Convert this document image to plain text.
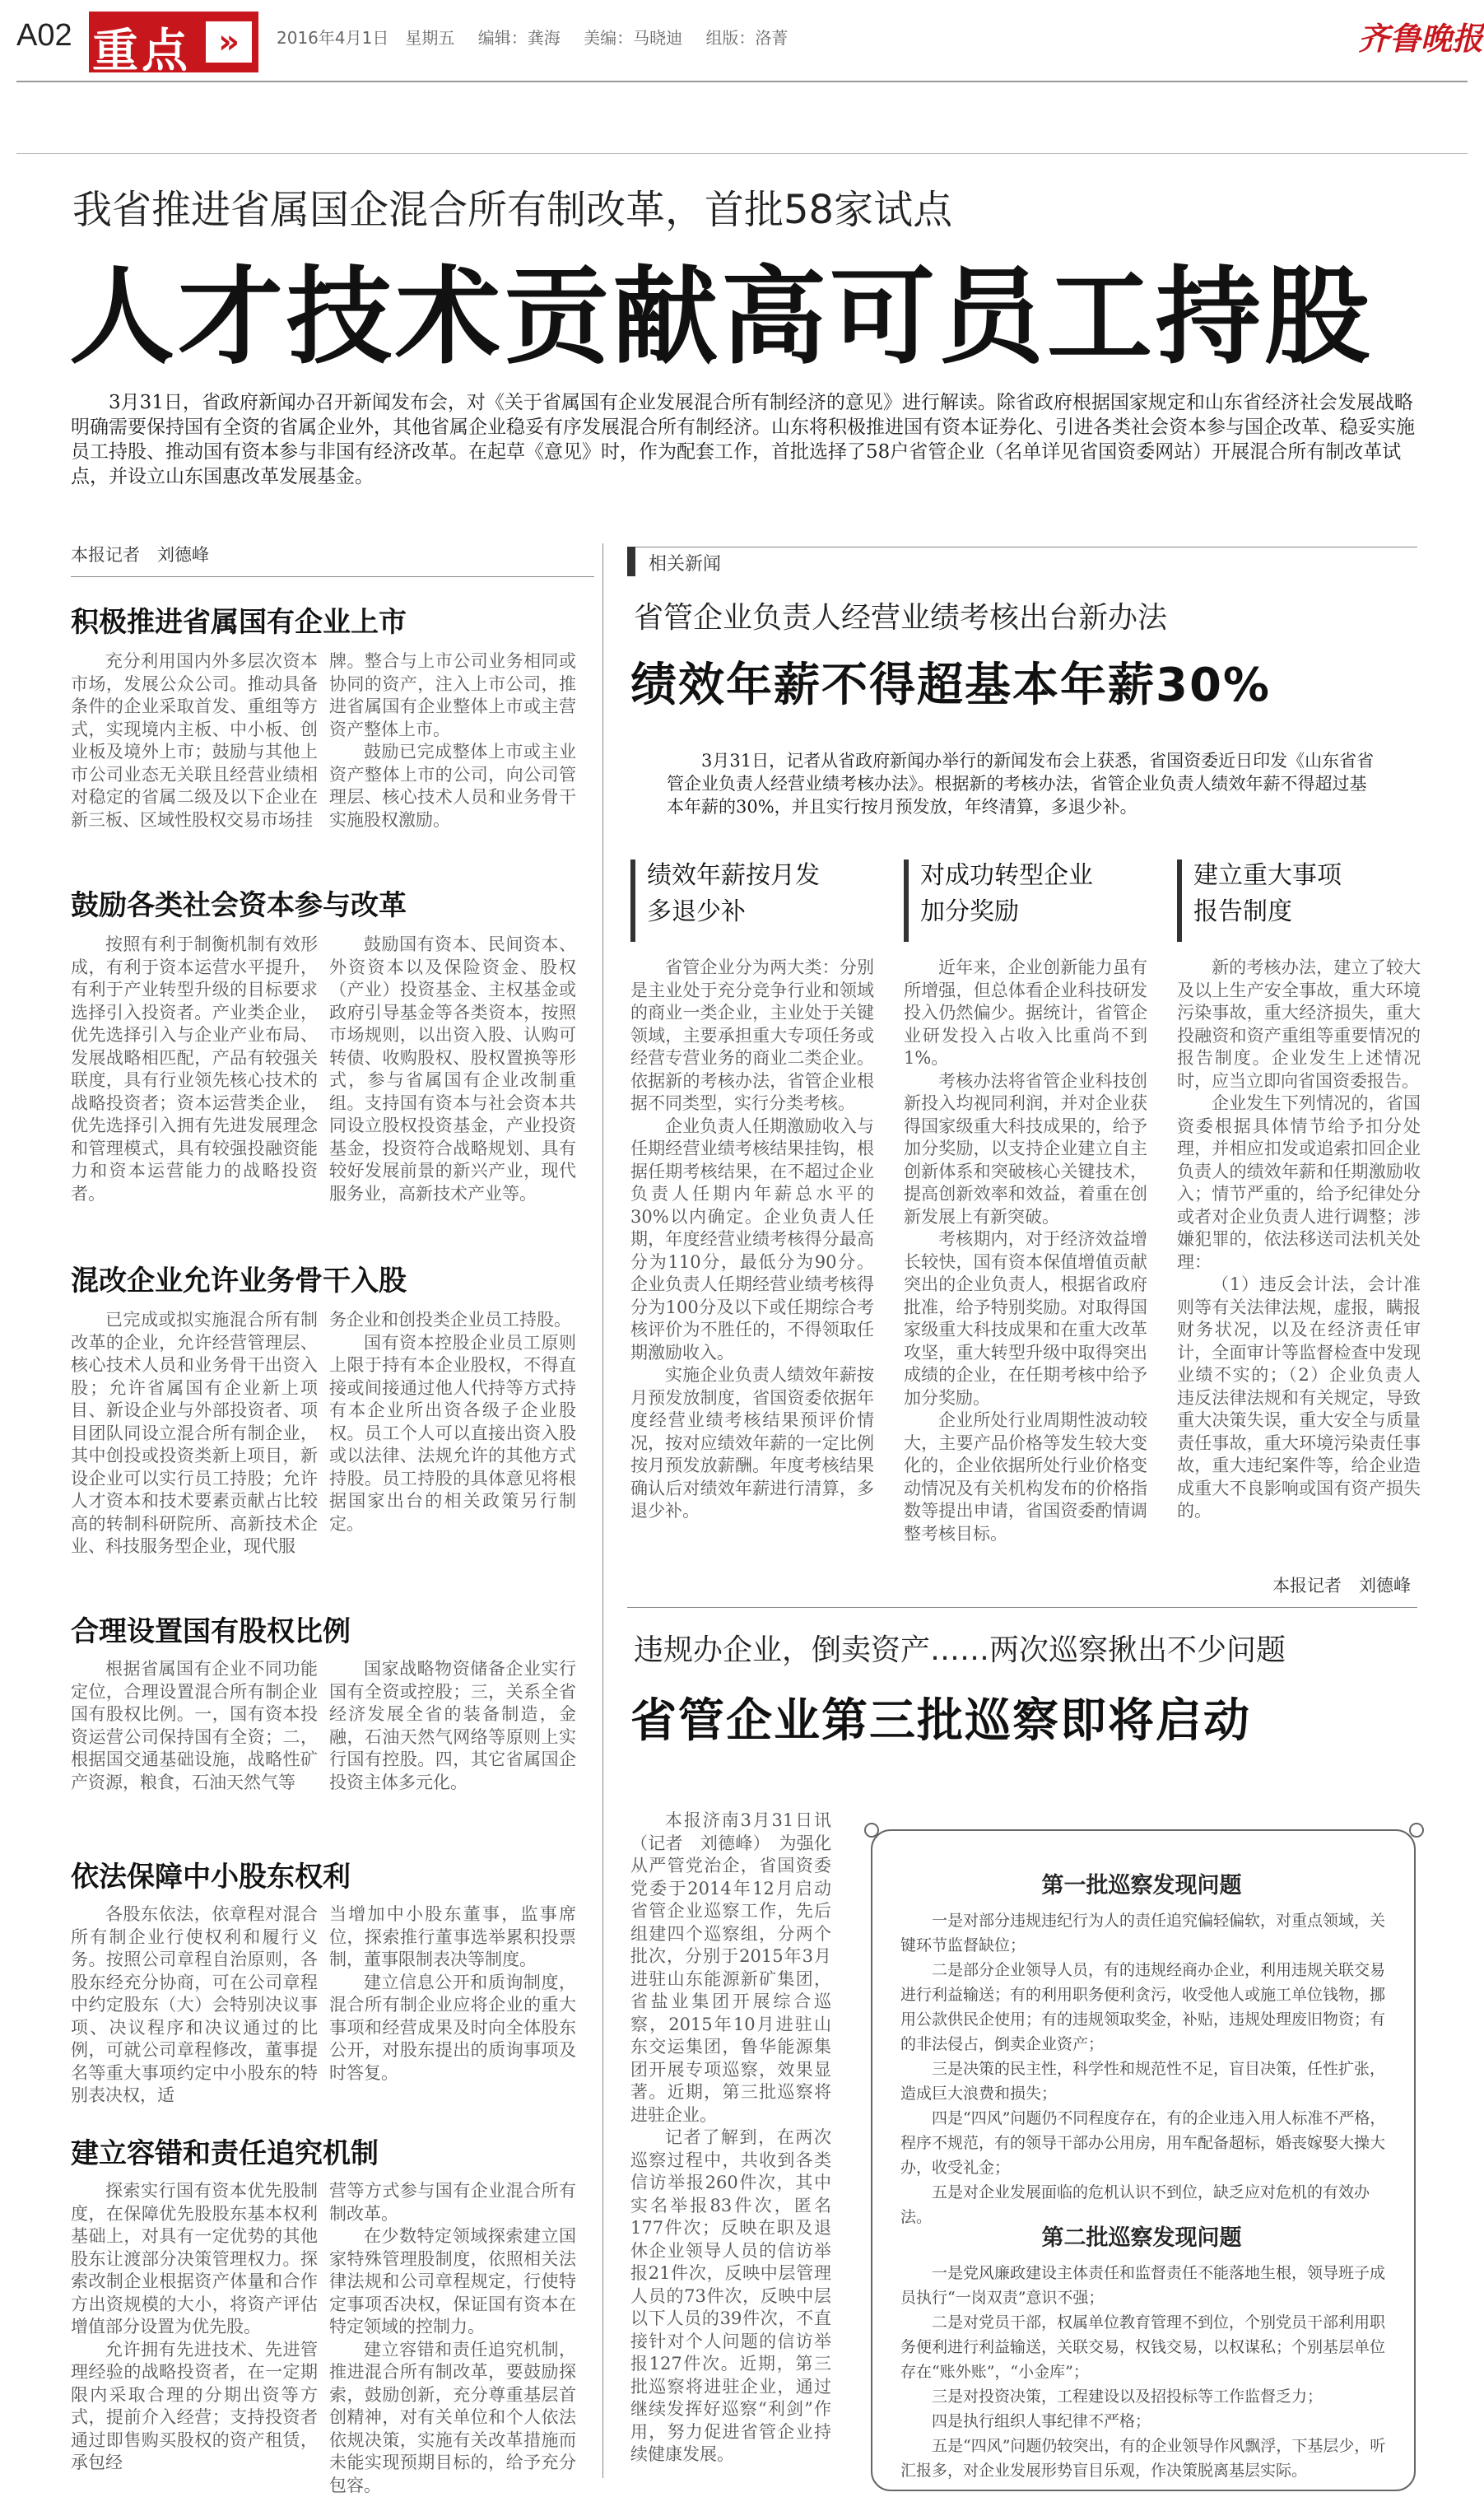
A02 重点 »	2016年4月1日　星期五 编辑：龚海 美编：马晓迪 组版：洛菁	齐鲁晚报
我省推进省属国企混合所有制改革，首批58家试点
人才技术贡献高可员工持股
3月31日，省政府新闻办召开新闻发布会，对《关于省属国有企业发展混合所有制经济的意见》进行解读。除省政府根据国家规定和山东省经济社会发展战略明确需要保持国有全资的省属企业外，其他省属企业稳妥有序发展混合所有制经济。山东将积极推进国有资本证券化、引进各类社会资本参与国企改革、稳妥实施员工持股、推动国有资本参与非国有经济改革。在起草《意见》时，作为配套工作，首批选择了58户省管企业（名单详见省国资委网站）开展混合所有制改革试点，并设立山东国惠改革发展基金。
本报记者　刘德峰
积极推进省属国有企业上市

充分利用国内外多层次资本市场，发展公众公司。推动具备条件的企业采取首发、重组等方式，实现境内主板、中小板、创业板及境外上市；鼓励与其他上市公司业态无关联且经营业绩相对稳定的省属二级及以下企业在新三板、区域性股权交易市场挂

牌。整合与上市公司业务相同或协同的资产，注入上市公司，推进省属国有企业整体上市或主营资产整体上市。

鼓励已完成整体上市或主业资产整体上市的公司，向公司管理层、核心技术人员和业务骨干实施股权激励。

鼓励各类社会资本参与改革

按照有利于制衡机制有效形成，有利于资本运营水平提升，有利于产业转型升级的目标要求选择引入投资者。产业类企业，优先选择引入与企业产业布局、发展战略相匹配，产品有较强关联度，具有行业领先核心技术的战略投资者；资本运营类企业，优先选择引入拥有先进发展理念和管理模式，具有较强投融资能力和资本运营能力的战略投资者。

鼓励国有资本、民间资本、外资资本以及保险资金、股权（产业）投资基金、主权基金或政府引导基金等各类资本，按照市场规则，以出资入股、认购可转债、收购股权、股权置换等形式，参与省属国有企业改制重组。支持国有资本与社会资本共同设立股权投资基金，产业投资基金，投资符合战略规划、具有较好发展前景的新兴产业，现代服务业，高新技术产业等。

混改企业允许业务骨干入股

已完成或拟实施混合所有制改革的企业，允许经营管理层、核心技术人员和业务骨干出资入股；允许省属国有企业新上项目、新设企业与外部投资者、项目团队同设立混合所有制企业，其中创投或投资类新上项目，新设企业可以实行员工持股；允许人才资本和技术要素贡献占比较高的转制科研院所、高新技术企业、科技服务型企业，现代服

务企业和创投类企业员工持股。

国有资本控股企业员工原则上限于持有本企业股权，不得直接或间接通过他人代持等方式持有本企业所出资各级子企业股权。员工个人可以直接出资入股或以法律、法规允许的其他方式持股。员工持股的具体意见将根据国家出台的相关政策另行制定。

合理设置国有股权比例

根据省属国有企业不同功能定位，合理设置混合所有制企业国有股权比例。一，国有资本投资运营公司保持国有全资；二，根据国交通基础设施，战略性矿产资源，粮食，石油天然气等

国家战略物资储备企业实行国有全资或控股；三，关系全省经济发展全省的装备制造，金融，石油天然气网络等原则上实行国有控股。四，其它省属国企投资主体多元化。

依法保障中小股东权利

各股东依法，依章程对混合所有制企业行使权利和履行义务。按照公司章程自治原则，各股东经充分协商，可在公司章程中约定股东（大）会特别决议事项、决议程序和决议通过的比例，可就公司章程修改，董事提名等重大事项约定中小股东的特别表决权，适

当增加中小股东董事，监事席位，探索推行董事选举累积投票制，董事限制表决等制度。

建立信息公开和质询制度，混合所有制企业应将企业的重大事项和经营成果及时向全体股东公开，对股东提出的质询事项及时答复。

建立容错和责任追究机制

探索实行国有资本优先股制度，在保障优先股股东基本权利基础上，对具有一定优势的其他股东让渡部分决策管理权力。探索改制企业根据资产体量和合作方出资规模的大小，将资产评估增值部分设置为优先股。

允许拥有先进技术、先进管理经验的战略投资者，在一定期限内采取合理的分期出资等方式，提前介入经营；支持投资者通过即售购买股权的资产租赁，承包经

营等方式参与国有企业混合所有制改革。

在少数特定领域探索建立国家特殊管理股制度，依照相关法律法规和公司章程规定，行使特定事项否决权，保证国有资本在特定领域的控制力。

建立容错和责任追究机制，推进混合所有制改革，要鼓励探索，鼓励创新，充分尊重基层首创精神，对有关单位和个人依法依规决策，实施有关改革措施而未能实现预期目标的，给予充分包容。

相关新闻
省管企业负责人经营业绩考核出台新办法
绩效年薪不得超基本年薪30%
3月31日，记者从省政府新闻办举行的新闻发布会上获悉，省国资委近日印发《山东省省管企业负责人经营业绩考核办法》。根据新的考核办法，省管企业负责人绩效年薪不得超过基本年薪的30%，并且实行按月预发放，年终清算，多退少补。
绩效年薪按月发
多退少补

省管企业分为两大类：分别是主业处于充分竞争行业和领域的商业一类企业，主业处于关键领域，主要承担重大专项任务或经营专营业务的商业二类企业。依据新的考核办法，省管企业根据不同类型，实行分类考核。

企业负责人任期激励收入与任期经营业绩考核结果挂钩，根据任期考核结果，在不超过企业负责人任期内年薪总水平的30%以内确定。企业负责人任期，年度经营业绩考核得分最高分为110分，最低分为90分。企业负责人任期经营业绩考核得分为100分及以下或任期综合考核评价为不胜任的，不得领取任期激励收入。

实施企业负责人绩效年薪按月预发放制度，省国资委依据年度经营业绩考核结果预评价情况，按对应绩效年薪的一定比例按月预发放薪酬。年度考核结果确认后对绩效年薪进行清算，多退少补。

对成功转型企业
加分奖励

近年来，企业创新能力虽有所增强，但总体看企业科技研发投入仍然偏少。据统计，省管企业研发投入占收入比重尚不到1%。

考核办法将省管企业科技创新投入均视同利润，并对企业获得国家级重大科技成果的，给予加分奖励，以支持企业建立自主创新体系和突破核心关键技术，提高创新效率和效益，着重在创新发展上有新突破。

考核期内，对于经济效益增长较快，国有资本保值增值贡献突出的企业负责人，根据省政府批准，给予特别奖励。对取得国家级重大科技成果和在重大改革攻坚，重大转型升级中取得突出成绩的企业，在任期考核中给予加分奖励。

企业所处行业周期性波动较大，主要产品价格等发生较大变化的，企业依据所处行业价格变动情况及有关机构发布的价格指数等提出申请，省国资委酌情调整考核目标。

建立重大事项
报告制度

新的考核办法，建立了较大及以上生产安全事故，重大环境污染事故，重大经济损失，重大投融资和资产重组等重要情况的报告制度。企业发生上述情况时，应当立即向省国资委报告。

企业发生下列情况的，省国资委根据具体情节给予扣分处理，并相应扣发或追索扣回企业负责人的绩效年薪和任期激励收入；情节严重的，给予纪律处分或者对企业负责人进行调整；涉嫌犯罪的，依法移送司法机关处理：

（1）违反会计法，会计准则等有关法律法规，虚报，瞒报财务状况，以及在经济责任审计，全面审计等监督检查中发现业绩不实的；（2）企业负责人违反法律法规和有关规定，导致重大决策失误，重大安全与质量责任事故，重大环境污染责任事故，重大违纪案件等，给企业造成重大不良影响或国有资产损失的。

本报记者　刘德峰
违规办企业，倒卖资产……两次巡察揪出不少问题
省管企业第三批巡察即将启动

本报济南3月31日讯（记者　刘德峰）　为强化从严管党治企，省国资委党委于2014年12月启动省管企业巡察工作，先后组建四个巡察组，分两个批次，分别于2015年3月进驻山东能源新矿集团，省盐业集团开展综合巡察，2015年10月进驻山东交运集团，鲁华能源集团开展专项巡察，效果显著。近期，第三批巡察将进驻企业。

记者了解到，在两次巡察过程中，共收到各类信访举报260件次，其中实名举报83件次，匿名177件次；反映在职及退休企业领导人员的信访举报21件次，反映中层管理人员的73件次，反映中层以下人员的39件次，不直接针对个人问题的信访举报127件次。近期，第三批巡察将进驻企业，通过继续发挥好巡察“利剑”作用，努力促进省管企业持续健康发展。

第一批巡察发现问题

一是对部分违规违纪行为人的责任追究偏轻偏软，对重点领域，关键环节监督缺位；

二是部分企业领导人员，有的违规经商办企业，利用违规关联交易进行利益输送；有的利用职务便利贪污，收受他人或施工单位钱物，挪用公款供民企使用；有的违规领取奖金，补贴，违规处理废旧物资；有的非法侵占，倒卖企业资产；

三是决策的民主性，科学性和规范性不足，盲目决策，任性扩张，造成巨大浪费和损失；

四是“四风”问题仍不同程度存在，有的企业违入用人标准不严格，程序不规范，有的领导干部办公用房，用车配备超标，婚丧嫁娶大操大办，收受礼金；

五是对企业发展面临的危机认识不到位，缺乏应对危机的有效办法。

第二批巡察发现问题

一是党风廉政建设主体责任和监督责任不能落地生根，领导班子成员执行“一岗双责”意识不强；

二是对党员干部，权属单位教育管理不到位，个别党员干部利用职务便利进行利益输送，关联交易，权钱交易，以权谋私；个别基层单位存在“账外账”，“小金库”；

三是对投资决策，工程建设以及招投标等工作监督乏力；

四是执行组织人事纪律不严格；

五是“四风”问题仍较突出，有的企业领导作风飘浮，下基层少，听汇报多，对企业发展形势盲目乐观，作决策脱离基层实际。
